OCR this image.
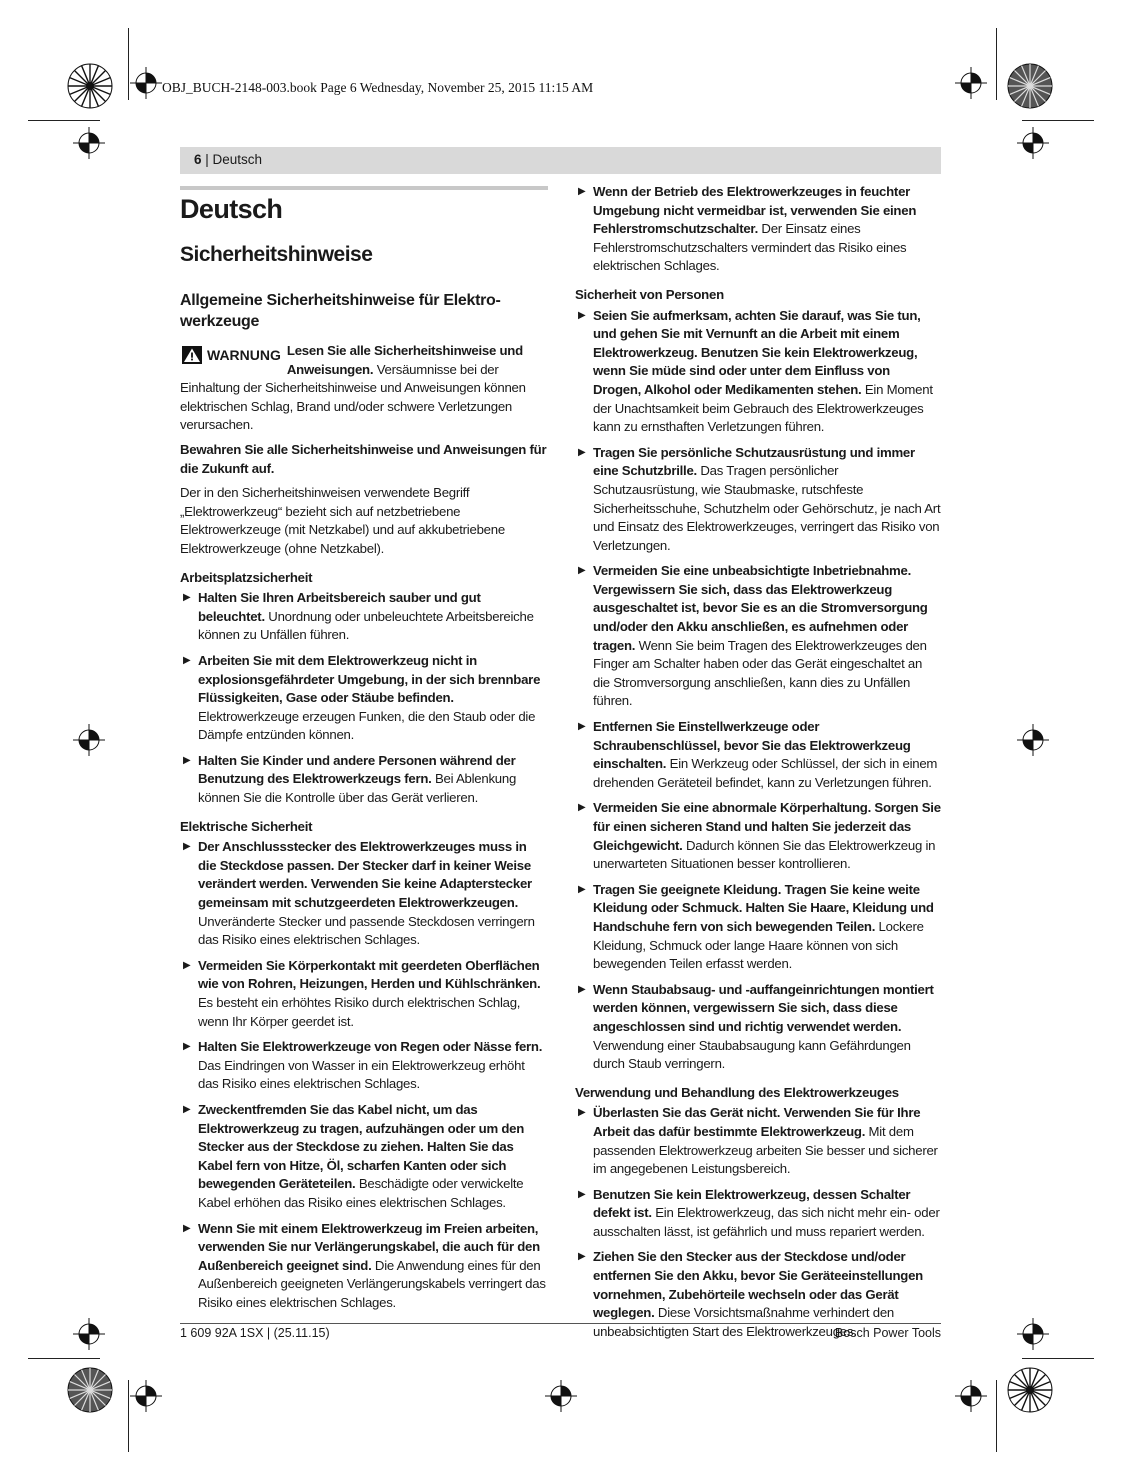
OBJ_BUCH-2148-003.book Page 6 Wednesday, November 25, 2015 11:15 AM
6 | Deutsch
Deutsch
Sicherheitshinweise
Allgemeine Sicherheitshinweise für Elektro-
werkzeuge
WARNUNG Lesen Sie alle Sicherheitshinweise und Anweisungen. Versäumnisse bei der Einhaltung der Sicherheitshinweise und Anweisungen können elektrischen Schlag, Brand und/oder schwere Verletzungen verursachen.

Bewahren Sie alle Sicherheitshinweise und Anweisungen für die Zukunft auf.

Der in den Sicherheitshinweisen verwendete Begriff „Elektrowerkzeug“ bezieht sich auf netzbetriebene Elektrowerkzeuge (mit Netzkabel) und auf akkubetriebene Elektrowerkzeuge (ohne Netzkabel).

Arbeitsplatzsicherheit
▶ Halten Sie Ihren Arbeitsbereich sauber und gut beleuchtet. Unordnung oder unbeleuchtete Arbeitsbereiche können zu Unfällen führen.
▶ Arbeiten Sie mit dem Elektrowerkzeug nicht in explosionsgefährdeter Umgebung, in der sich brennbare Flüssigkeiten, Gase oder Stäube befinden. Elektrowerkzeuge erzeugen Funken, die den Staub oder die Dämpfe entzünden können.
▶ Halten Sie Kinder und andere Personen während der Benutzung des Elektrowerkzeugs fern. Bei Ablenkung können Sie die Kontrolle über das Gerät verlieren.
Elektrische Sicherheit
▶ Der Anschlussstecker des Elektrowerkzeuges muss in die Steckdose passen. Der Stecker darf in keiner Weise verändert werden. Verwenden Sie keine Adapterstecker gemeinsam mit schutzgeerdeten Elektrowerkzeugen. Unveränderte Stecker und passende Steckdosen verringern das Risiko eines elektrischen Schlages.
▶ Vermeiden Sie Körperkontakt mit geerdeten Oberflächen wie von Rohren, Heizungen, Herden und Kühlschränken. Es besteht ein erhöhtes Risiko durch elektrischen Schlag, wenn Ihr Körper geerdet ist.
▶ Halten Sie Elektrowerkzeuge von Regen oder Nässe fern. Das Eindringen von Wasser in ein Elektrowerkzeug erhöht das Risiko eines elektrischen Schlages.
▶ Zweckentfremden Sie das Kabel nicht, um das Elektrowerkzeug zu tragen, aufzuhängen oder um den Stecker aus der Steckdose zu ziehen. Halten Sie das Kabel fern von Hitze, Öl, scharfen Kanten oder sich bewegenden Geräteteilen. Beschädigte oder verwickelte Kabel erhöhen das Risiko eines elektrischen Schlages.
▶ Wenn Sie mit einem Elektrowerkzeug im Freien arbeiten, verwenden Sie nur Verlängerungskabel, die auch für den Außenbereich geeignet sind. Die Anwendung eines für den Außenbereich geeigneten Verlängerungskabels verringert das Risiko eines elektrischen Schlages.
▶ Wenn der Betrieb des Elektrowerkzeuges in feuchter Umgebung nicht vermeidbar ist, verwenden Sie einen Fehlerstromschutzschalter. Der Einsatz eines Fehlerstromschutzschalters vermindert das Risiko eines elektrischen Schlages.
Sicherheit von Personen
▶ Seien Sie aufmerksam, achten Sie darauf, was Sie tun, und gehen Sie mit Vernunft an die Arbeit mit einem Elektrowerkzeug. Benutzen Sie kein Elektrowerkzeug, wenn Sie müde sind oder unter dem Einfluss von Drogen, Alkohol oder Medikamenten stehen. Ein Moment der Unachtsamkeit beim Gebrauch des Elektrowerkzeuges kann zu ernsthaften Verletzungen führen.
▶ Tragen Sie persönliche Schutzausrüstung und immer eine Schutzbrille. Das Tragen persönlicher Schutzausrüstung, wie Staubmaske, rutschfeste Sicherheitsschuhe, Schutzhelm oder Gehörschutz, je nach Art und Einsatz des Elektrowerkzeuges, verringert das Risiko von Verletzungen.
▶ Vermeiden Sie eine unbeabsichtigte Inbetriebnahme. Vergewissern Sie sich, dass das Elektrowerkzeug ausgeschaltet ist, bevor Sie es an die Stromversorgung und/oder den Akku anschließen, es aufnehmen oder tragen. Wenn Sie beim Tragen des Elektrowerkzeuges den Finger am Schalter haben oder das Gerät eingeschaltet an die Stromversorgung anschließen, kann dies zu Unfällen führen.
▶ Entfernen Sie Einstellwerkzeuge oder Schraubenschlüssel, bevor Sie das Elektrowerkzeug einschalten. Ein Werkzeug oder Schlüssel, der sich in einem drehenden Geräteteil befindet, kann zu Verletzungen führen.
▶ Vermeiden Sie eine abnormale Körperhaltung. Sorgen Sie für einen sicheren Stand und halten Sie jederzeit das Gleichgewicht. Dadurch können Sie das Elektrowerkzeug in unerwarteten Situationen besser kontrollieren.
▶ Tragen Sie geeignete Kleidung. Tragen Sie keine weite Kleidung oder Schmuck. Halten Sie Haare, Kleidung und Handschuhe fern von sich bewegenden Teilen. Lockere Kleidung, Schmuck oder lange Haare können von sich bewegenden Teilen erfasst werden.
▶ Wenn Staubabsaug- und -auffangeinrichtungen montiert werden können, vergewissern Sie sich, dass diese angeschlossen sind und richtig verwendet werden. Verwendung einer Staubabsaugung kann Gefährdungen durch Staub verringern.
Verwendung und Behandlung des Elektrowerkzeuges
▶ Überlasten Sie das Gerät nicht. Verwenden Sie für Ihre Arbeit das dafür bestimmte Elektrowerkzeug. Mit dem passenden Elektrowerkzeug arbeiten Sie besser und sicherer im angegebenen Leistungsbereich.
▶ Benutzen Sie kein Elektrowerkzeug, dessen Schalter defekt ist. Ein Elektrowerkzeug, das sich nicht mehr ein- oder ausschalten lässt, ist gefährlich und muss repariert werden.
▶ Ziehen Sie den Stecker aus der Steckdose und/oder entfernen Sie den Akku, bevor Sie Geräteeinstellungen vornehmen, Zubehörteile wechseln oder das Gerät weglegen. Diese Vorsichtsmaßnahme verhindert den unbeabsichtigten Start des Elektrowerkzeuges.
1 609 92A 1SX | (25.11.15)	Bosch Power Tools
